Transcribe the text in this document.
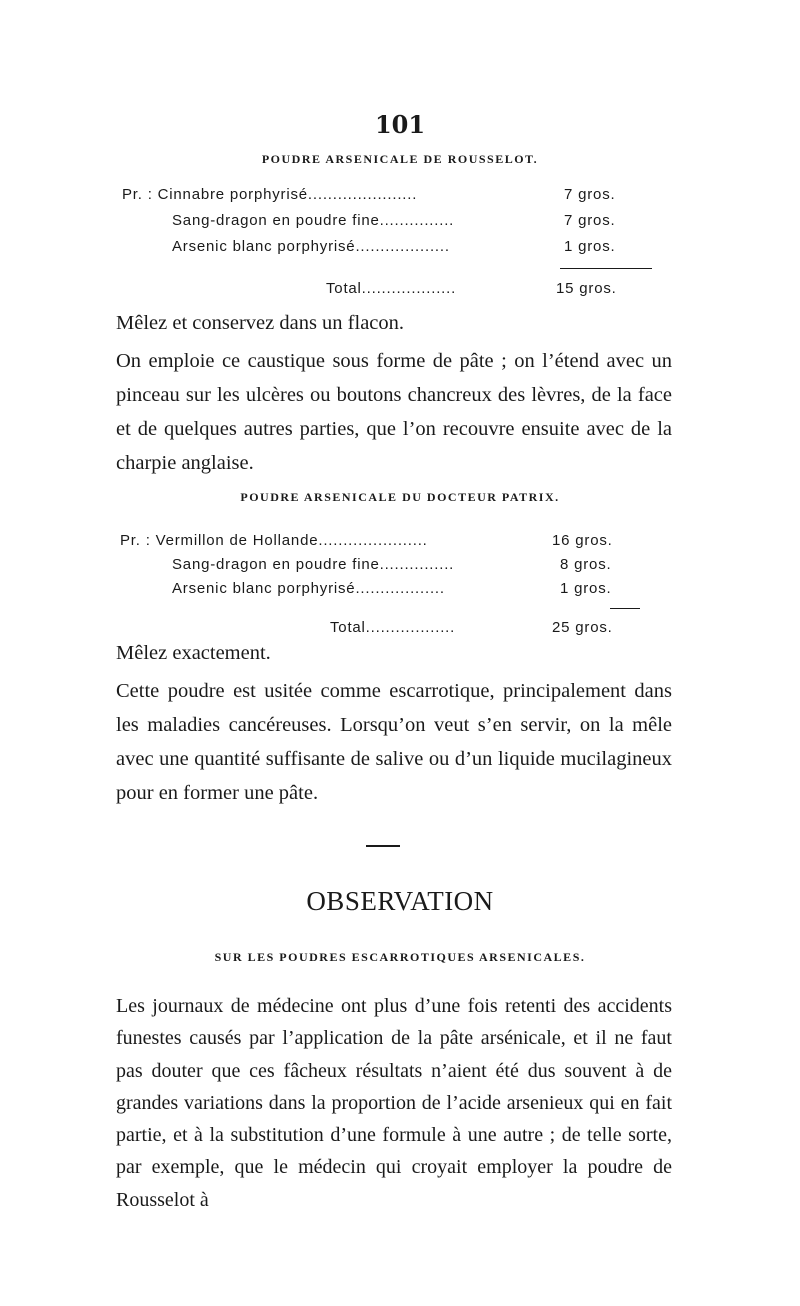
101
POUDRE ARSENICALE DE ROUSSELOT.
Pr. : Cinnabre porphyrisé......................	7 gros.
Sang-dragon en poudre fine...............	7 gros.
Arsenic blanc porphyrisé...................	1 gros.
Total...................	15 gros.
Mêlez et conservez dans un flacon.

On emploie ce caustique sous forme de pâte ; on l’étend avec un pinceau sur les ulcères ou boutons chancreux des lèvres, de la face et de quelques autres parties, que l’on recouvre ensuite avec de la charpie anglaise.

POUDRE ARSENICALE DU DOCTEUR PATRIX.
Pr. : Vermillon de Hollande......................	16 gros.
Sang-dragon en poudre fine...............	8 gros.
Arsenic blanc porphyrisé..................	1 gros.
Total..................	25 gros.
Mêlez exactement.

Cette poudre est usitée comme escarrotique, principalement dans les maladies cancéreuses. Lorsqu’on veut s’en servir, on la mêle avec une quantité suffisante de salive ou d’un liquide mucilagineux pour en former une pâte.

OBSERVATION
SUR LES POUDRES ESCARROTIQUES ARSENICALES.

Les journaux de médecine ont plus d’une fois retenti des accidents funestes causés par l’application de la pâte arsénicale, et il ne faut pas douter que ces fâcheux résultats n’aient été dus souvent à de grandes variations dans la proportion de l’acide arsenieux qui en fait partie, et à la substitution d’une formule à une autre ; de telle sorte, par exemple, que le médecin qui croyait employer la poudre de Rousselot à
